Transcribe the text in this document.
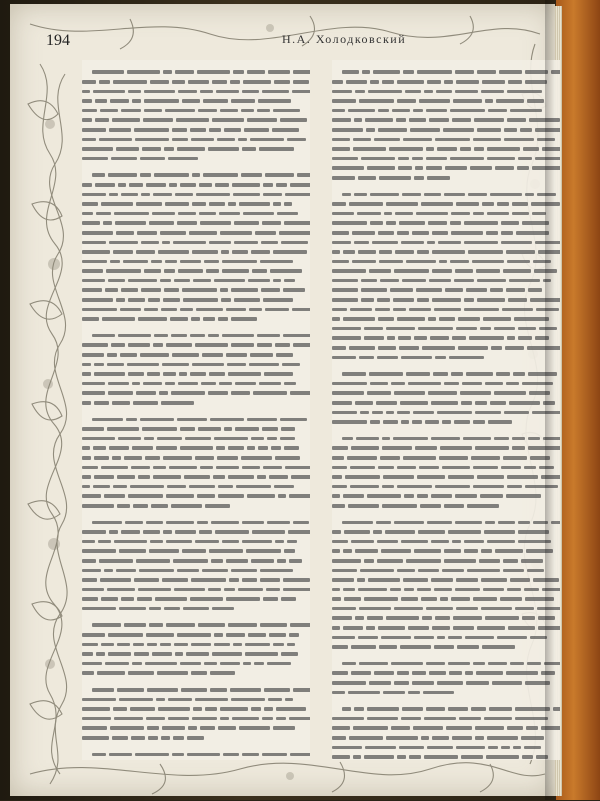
194	Н.А. Холодковский
